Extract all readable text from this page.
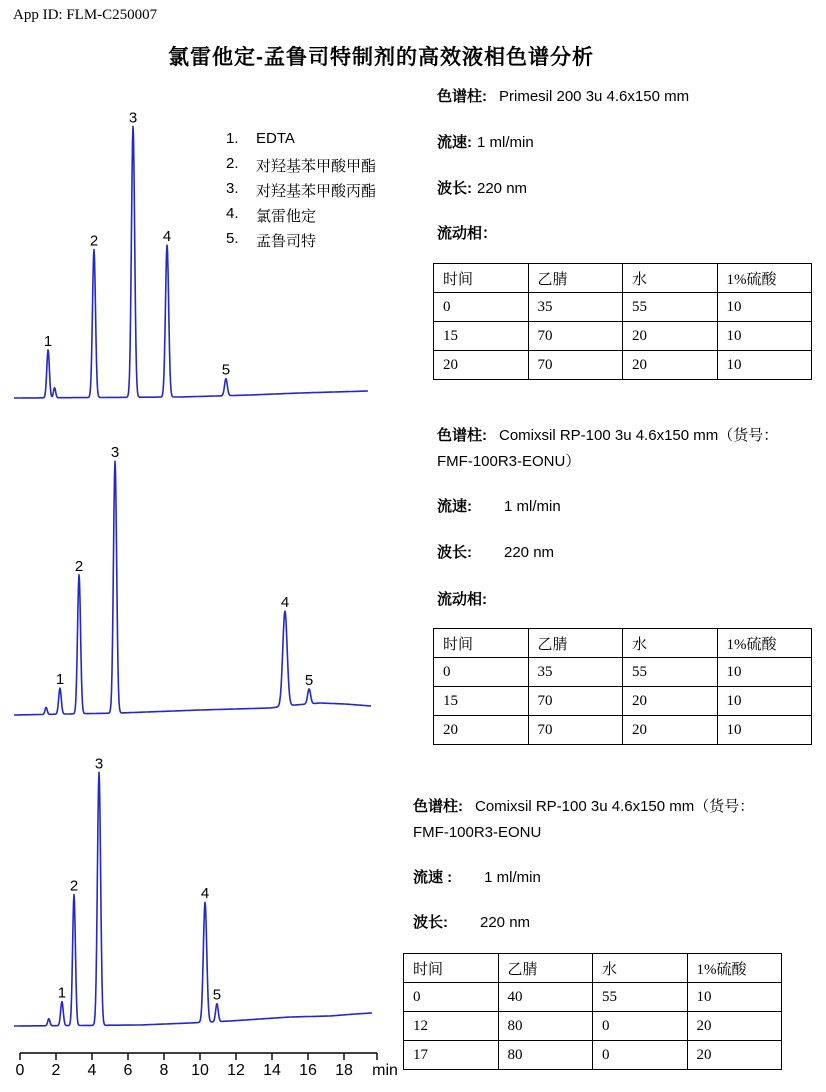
App ID: FLM-C250007
氯雷他定-孟鲁司特制剂的高效液相色谱分析
1.	EDTA
2.	对羟基苯甲酸甲酯
3.	对羟基苯甲酸丙酯
4.	氯雷他定
5.	孟鲁司特
1
2
3
4
5
1
2
3
4
5
1
2
3
4
5
0 2 4 6 8 10 12 14 16 18 min
色谱柱: Primesil 200 3u 4.6x150 mm
流速: 1 ml/min
波长: 220 nm
流动相：
时间	乙腈	水	1%硫酸
0	35	55	10
15	70	20	10
20	70	20	10
色谱柱: Comixsil RP-100 3u 4.6x150 mm（货号：
FMF-100R3-EONU）
流速: 1 ml/min
波长: 220 nm
流动相:
时间	乙腈	水	1%硫酸
0	35	55	10
15	70	20	10
20	70	20	10
色谱柱: Comixsil RP-100 3u 4.6x150 mm（货号：
FMF-100R3-EONU
流速 : 1 ml/min
波长: 220 nm
时间	乙腈	水	1%硫酸
0	40	55	10
12	80	0	20
17	80	0	20
